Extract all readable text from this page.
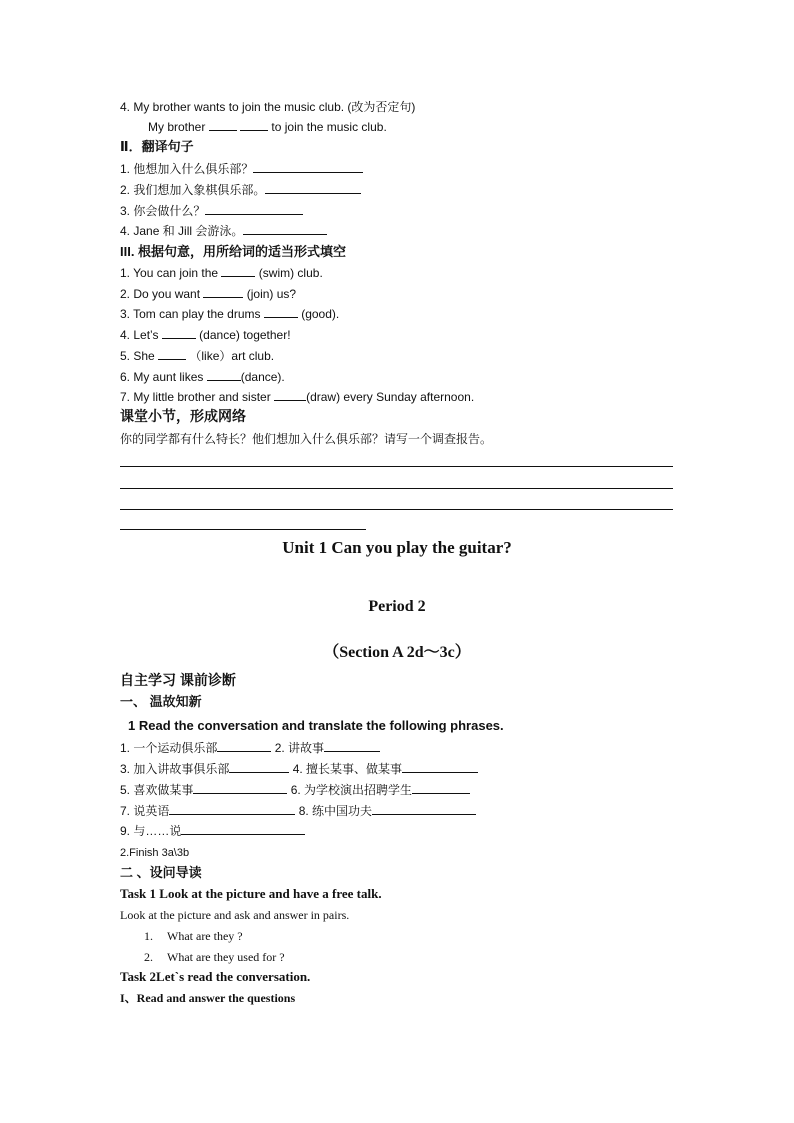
4. My brother wants to join the music club. (改为否定句)
My brother	to join the music club.
Ⅱ．翻译句子
1. 他想加入什么俱乐部？
2. 我们想加入象棋俱乐部。
3. 你会做什么？
4. Jane 和 Jill 会游泳。
III. 根据句意，用所给词的适当形式填空
1. You can join the	(swim) club.
2. Do you want	(join) us?
3. Tom can play the drums	(good).
4. Let’s	(dance) together!
5. She	（like）art club.
6. My aunt likes	(dance).
7. My little brother and sister	(draw) every Sunday afternoon.
课堂小节，形成网络
你的同学都有什么特长？他们想加入什么俱乐部？请写一个调查报告。
Unit 1 Can you play the guitar?
Period 2
（Section A 2d～3c）
自主学习 课前诊断
一、 温故知新
1 Read the conversation and translate the following phrases.
1. 一个运动俱乐部	2. 讲故事
3. 加入讲故事俱乐部	4. 擅长某事、做某事
5. 喜欢做某事	6. 为学校演出招聘学生
7. 说英语	8. 练中国功夫
9. 与……说
2.Finish 3a\3b
二 、设问导读
Task 1 Look at the picture and have a free talk.
Look at the picture and ask and answer in pairs.
1. What are they ?
2. What are they used for ?
Task 2Let`s read the conversation.
I、Read and answer the questions
